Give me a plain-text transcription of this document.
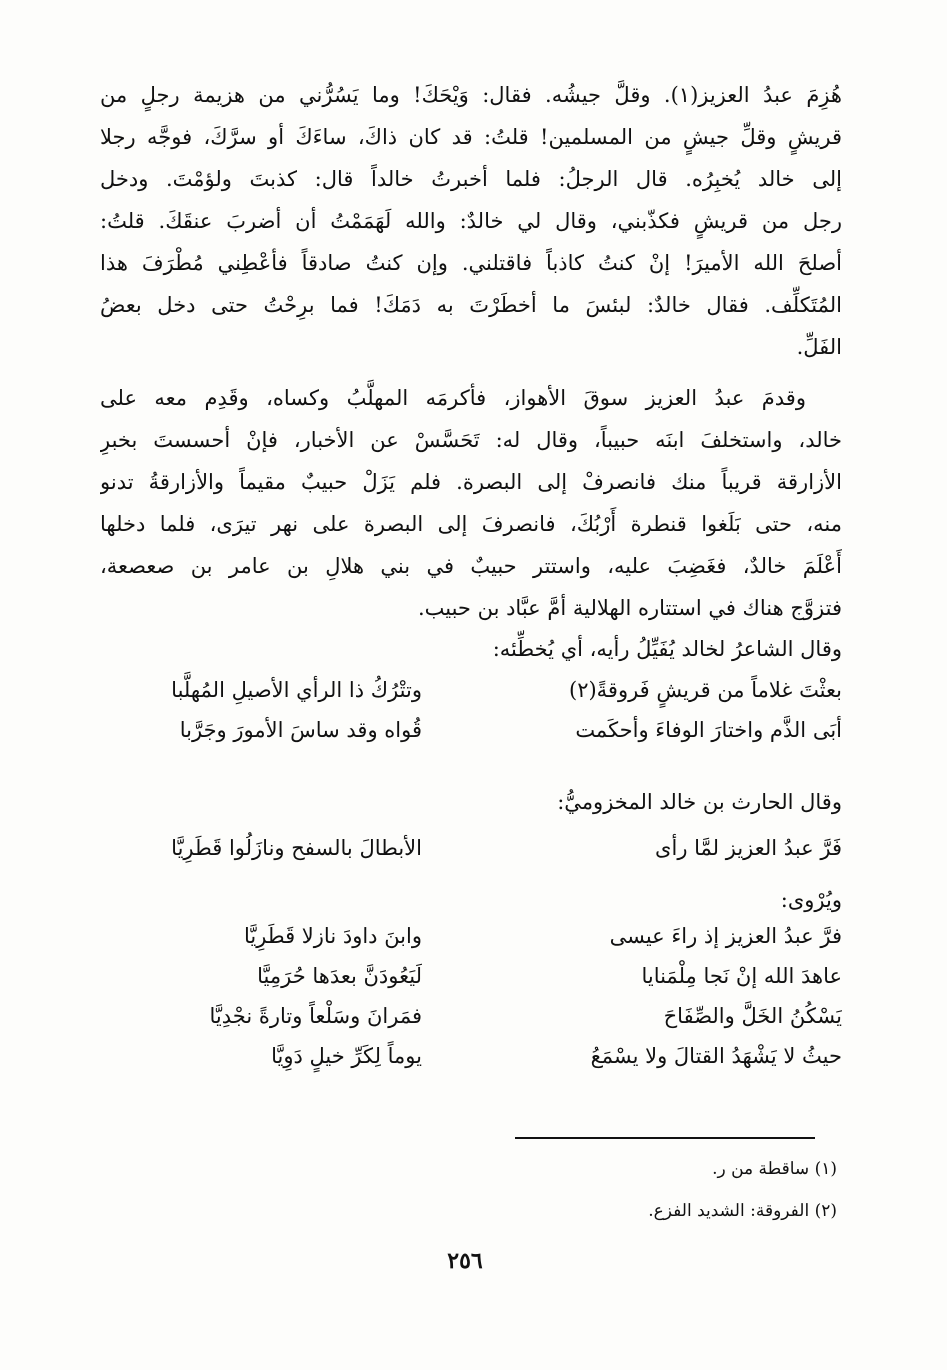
هُزِمَ عبدُ العزيز(١). وقلَّ جيشُه. فقال: وَيْحَكَ! وما يَسُرُّني من هزيمة رجلٍ من
قريشٍ وقلِّ جيشٍ من المسلمين! قلتُ: قد كان ذاكَ، ساءَكَ أو سرَّكَ، فوجَّه رجلا
إلى خالد يُخبِرُه. قال الرجلُ: فلما أخبرتُ خالداً قال: كذبتَ ولؤمْتَ. ودخل
رجل من قريشٍ فكذّبني، وقال لي خالدٌ: والله لَهَمَمْتُ أن أضربَ عنقَكَ. قلتُ:
أصلحَ الله الأميرَ! إنْ كنتُ كاذباً فاقتلني. وإن كنتُ صادقاً فأعْطِني مُطْرَفَ هذا
المُتَكلِّف. فقال خالدٌ: لبئسَ ما أخطَرْتَ به دَمَكَ! فما برِحْتُ حتى دخل بعضُ
الفَلِّ.
وقدمَ عبدُ العزيز سوقَ الأهواز، فأكرمَه المهلَّبُ وكساه، وقَدِم معه على
خالد، واستخلفَ ابنَه حبيباً، وقال له: تَحَسَّسْ عن الأخبار، فإنْ أحسستَ بخبرِ
الأزارقة قريباً منك فانصرفْ إلى البصرة. فلم يَزَلْ حبيبٌ مقيماً والأزارقةُ تدنو
منه، حتى بَلَغوا قنطرة أَرْبُكَ، فانصرفَ إلى البصرة على نهر تيرَى، فلما دخلها
أَعْلَمَ خالدٌ، فغَضِبَ عليه، واستتر حبيبٌ في بني هلالِ بن عامر بن صعصعة،
فتزوَّج هناك في استتاره الهلالية أمَّ عبَّاد بن حبيب.
وقال الشاعرُ لخالد يُفَيِّلُ رأيه، أي يُخطِّئه:
بعثْتَ غلاماً من قريشٍ فَروقةً(٢)
وتتْرُكُ ذا الرأي الأصيلِ المُهلَّبا
أبَى الذَّم واختارَ الوفاءَ وأحكَمت
قُواه وقد ساسَ الأمورَ وجَرَّبا
وقال الحارث بن خالد المخزوميُّ:
فَرَّ عبدُ العزيز لمَّا رأى
الأبطالَ بالسفح ونازَلُوا قَطَرِيَّا
ويُرْوى:
فرَّ عبدُ العزيز إذ راءَ عيسى
وابنَ داودَ نازلا قَطَرِيَّا
عاهدَ الله إنْ نَجا مِلْمَنايا
لَيَعُودَنَّ بعدَها حُرَمِيَّا
يَسْكُنُ الخَلَّ والصِّفَاحَ
فمَرانَ وسَلْعاً وتارةً نجْدِيَّا
حيثُ لا يَشْهَدُ القتالَ ولا يسْمَعُ
يوماً لِكَرِّ خيلٍ دَوِيَّا
(١) ساقطة من ر.
(٢) الفروقة: الشديد الفزع.
٢٥٦
